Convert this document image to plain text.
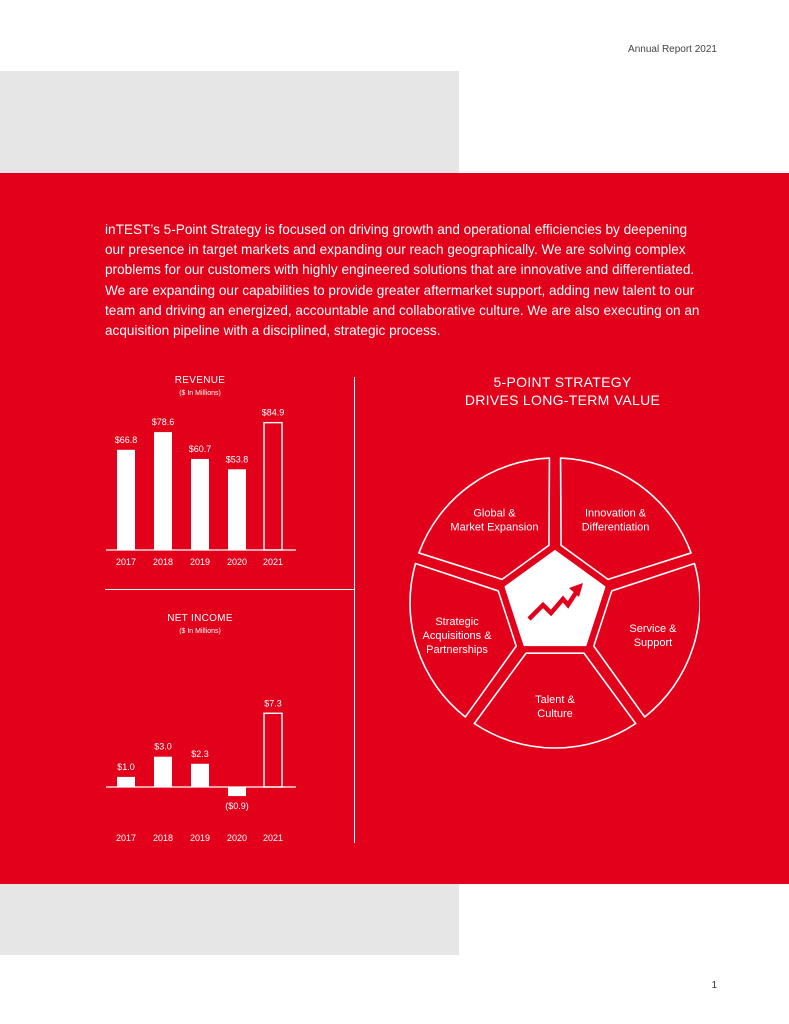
Annual Report 2021
inTEST’s 5-Point Strategy is focused on driving growth and operational efficiencies by deepening our presence in target markets and expanding our reach geographically. We are solving complex problems for our customers with highly engineered solutions that are innovative and differentiated. We are expanding our capabilities to provide greater aftermarket support, adding new talent to our team and driving an energized, accountable and collaborative culture. We are also executing on an acquisition pipeline with a disciplined, strategic process.
REVENUE
($ In Millions)
$66.8
2017
$78.6
2018
$60.7
2019
$53.8
2020
$84.9
2021
NET INCOME
($ In Millions)
$1.0
2017
$3.0
2018
$2.3
2019
($0.9)
2020
$7.3
2021
5-POINT STRATEGY
DRIVES LONG-TERM VALUE
Global &
Market Expansion
Innovation &
Differentiation
Service &
Support
Talent &
Culture
Strategic
Acquisitions &
Partnerships
1
